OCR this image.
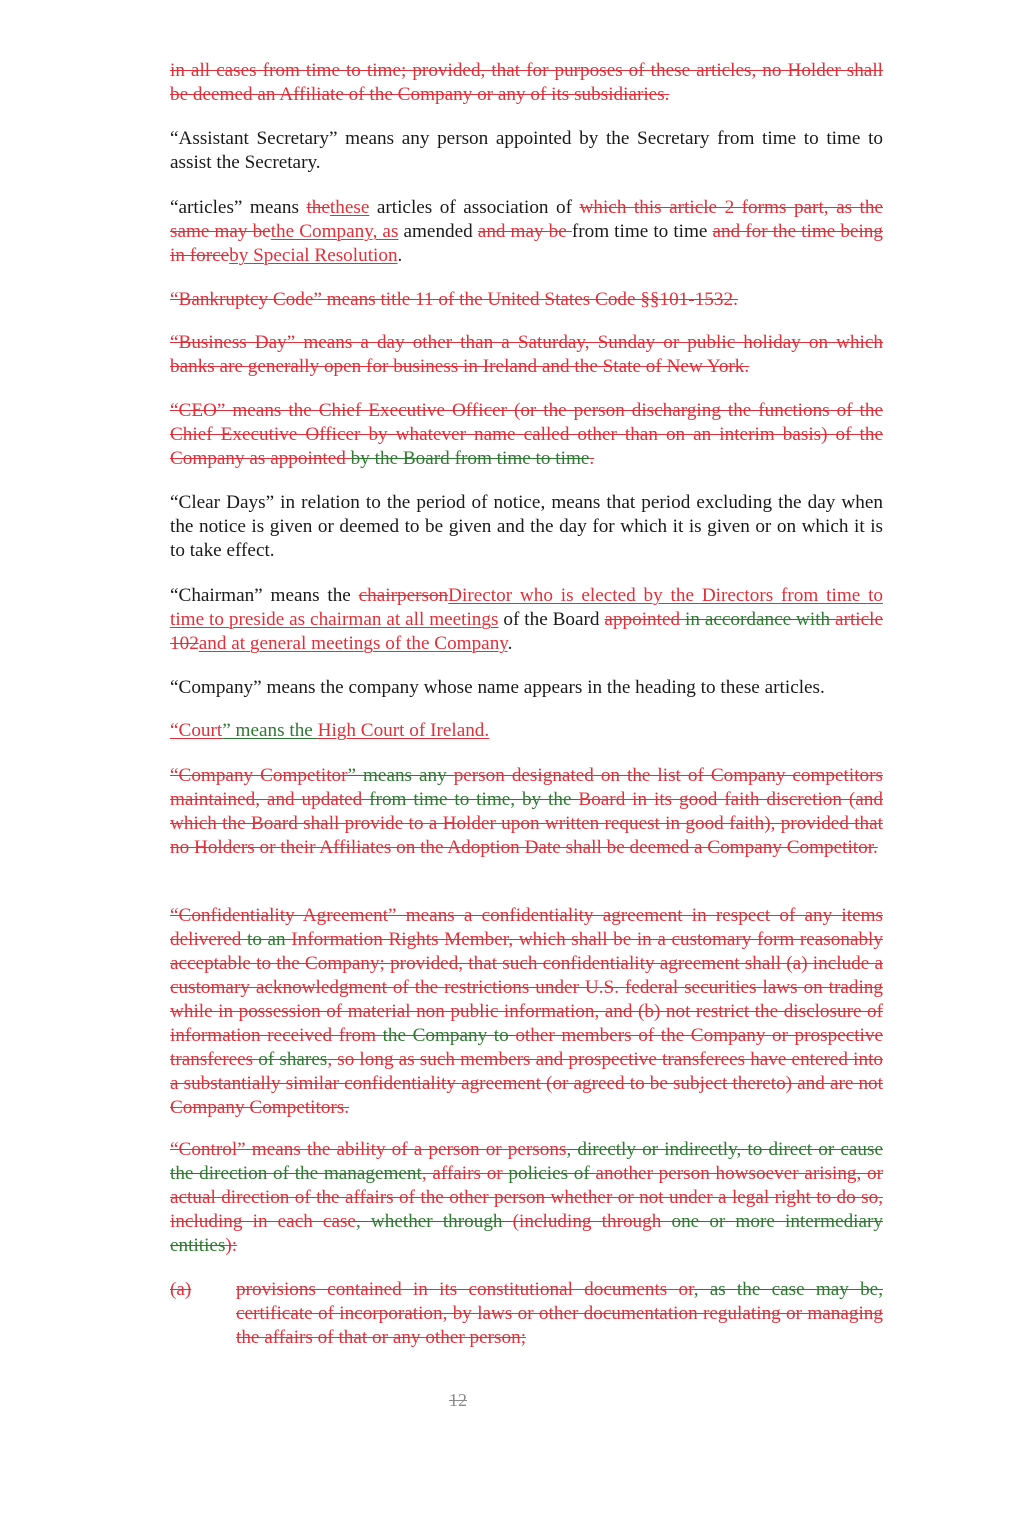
in all cases from time to time; provided, that for purposes of these articles, no Holder shall be deemed an Affiliate of the Company or any of its subsidiaries.
“Assistant Secretary” means any person appointed by the Secretary from time to time to assist the Secretary.
“articles” means thethese articles of association of which this article 2 forms part, as the same may bethe Company, as amended and may be from time to time and for the time being in forceby Special Resolution.
“Bankruptcy Code” means title 11 of the United States Code §§101-1532.
“Business Day” means a day other than a Saturday, Sunday or public holiday on which banks are generally open for business in Ireland and the State of New York.
“CEO” means the Chief Executive Officer (or the person discharging the functions of the Chief Executive Officer by whatever name called other than on an interim basis) of the Company as appointed by the Board from time to time.
“Clear Days” in relation to the period of notice, means that period excluding the day when the notice is given or deemed to be given and the day for which it is given or on which it is to take effect.
“Chairman” means the chairpersonDirector who is elected by the Directors from time to time to preside as chairman at all meetings of the Board appointed in accordance with article 102and at general meetings of the Company.
“Company” means the company whose name appears in the heading to these articles.
“Court” means the High Court of Ireland.
“Company Competitor” means any person designated on the list of Company competitors maintained, and updated from time to time, by the Board in its good faith discretion (and which the Board shall provide to a Holder upon written request in good faith), provided that no Holders or their Affiliates on the Adoption Date shall be deemed a Company Competitor.
“Confidentiality Agreement” means a confidentiality agreement in respect of any items delivered to an Information Rights Member, which shall be in a customary form reasonably acceptable to the Company; provided, that such confidentiality agreement shall (a) include a customary acknowledgment of the restrictions under U.S. federal securities laws on trading while in possession of material non public information, and (b) not restrict the disclosure of information received from the Company to other members of the Company or prospective transferees of shares, so long as such members and prospective transferees have entered into a substantially similar confidentiality agreement (or agreed to be subject thereto) and are not Company Competitors.
“Control” means the ability of a person or persons, directly or indirectly, to direct or cause the direction of the management, affairs or policies of another person howsoever arising, or actual direction of the affairs of the other person whether or not under a legal right to do so, including in each case, whether through (including through one or more intermediary entities):
(a) provisions contained in its constitutional documents or, as the case may be, certificate of incorporation, by laws or other documentation regulating or managing the affairs of that or any other person;
12
